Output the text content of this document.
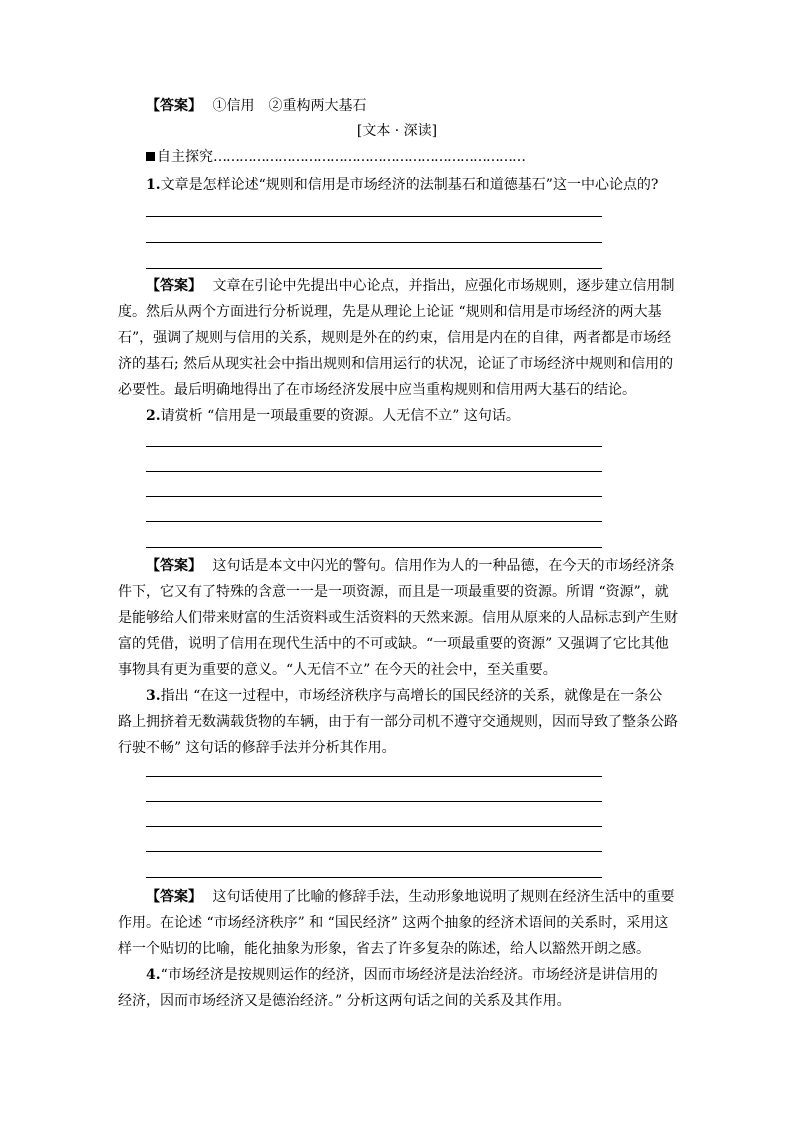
【答案】 ①信用　②重构两大基石
[文本 · 深读]
自主探究………………………………………………………………
1.文章是怎样论述“规则和信用是市场经济的法制基石和道德基石”这一中心论点的?
【答案】 文章在引论中先提出中心论点，并指出，应强化市场规则，逐步建立信用制
度。然后从两个方面进行分析说理，先是从理论上论证 “规则和信用是市场经济的两大基
石”，强调了规则与信用的关系，规则是外在的约束，信用是内在的自律，两者都是市场经
济的基石; 然后从现实社会中指出规则和信用运行的状况，论证了市场经济中规则和信用的
必要性。最后明确地得出了在市场经济发展中应当重构规则和信用两大基石的结论。
2.请赏析 “信用是一项最重要的资源。人无信不立” 这句话。
【答案】 这句话是本文中闪光的警句。信用作为人的一种品德，在今天的市场经济条
件下，它又有了特殊的含意一一是一项资源，而且是一项最重要的资源。所谓 “资源”，就
是能够给人们带来财富的生活资料或生活资料的天然来源。信用从原来的人品标志到产生财
富的凭借，说明了信用在现代生活中的不可或缺。“一项最重要的资源” 又强调了它比其他
事物具有更为重要的意义。“人无信不立” 在今天的社会中，至关重要。
3.指出 “在这一过程中，市场经济秩序与高增长的国民经济的关系，就像是在一条公
路上拥挤着无数满载货物的车辆，由于有一部分司机不遵守交通规则，因而导致了整条公路
行驶不畅” 这句话的修辞手法并分析其作用。
【答案】 这句话使用了比喻的修辞手法，生动形象地说明了规则在经济生活中的重要
作用。在论述 “市场经济秩序” 和 “国民经济” 这两个抽象的经济术语间的关系时，采用这
样一个贴切的比喻，能化抽象为形象，省去了许多复杂的陈述，给人以豁然开朗之感。
4.“市场经济是按规则运作的经济，因而市场经济是法治经济。市场经济是讲信用的
经济，因而市场经济又是德治经济。” 分析这两句话之间的关系及其作用。
